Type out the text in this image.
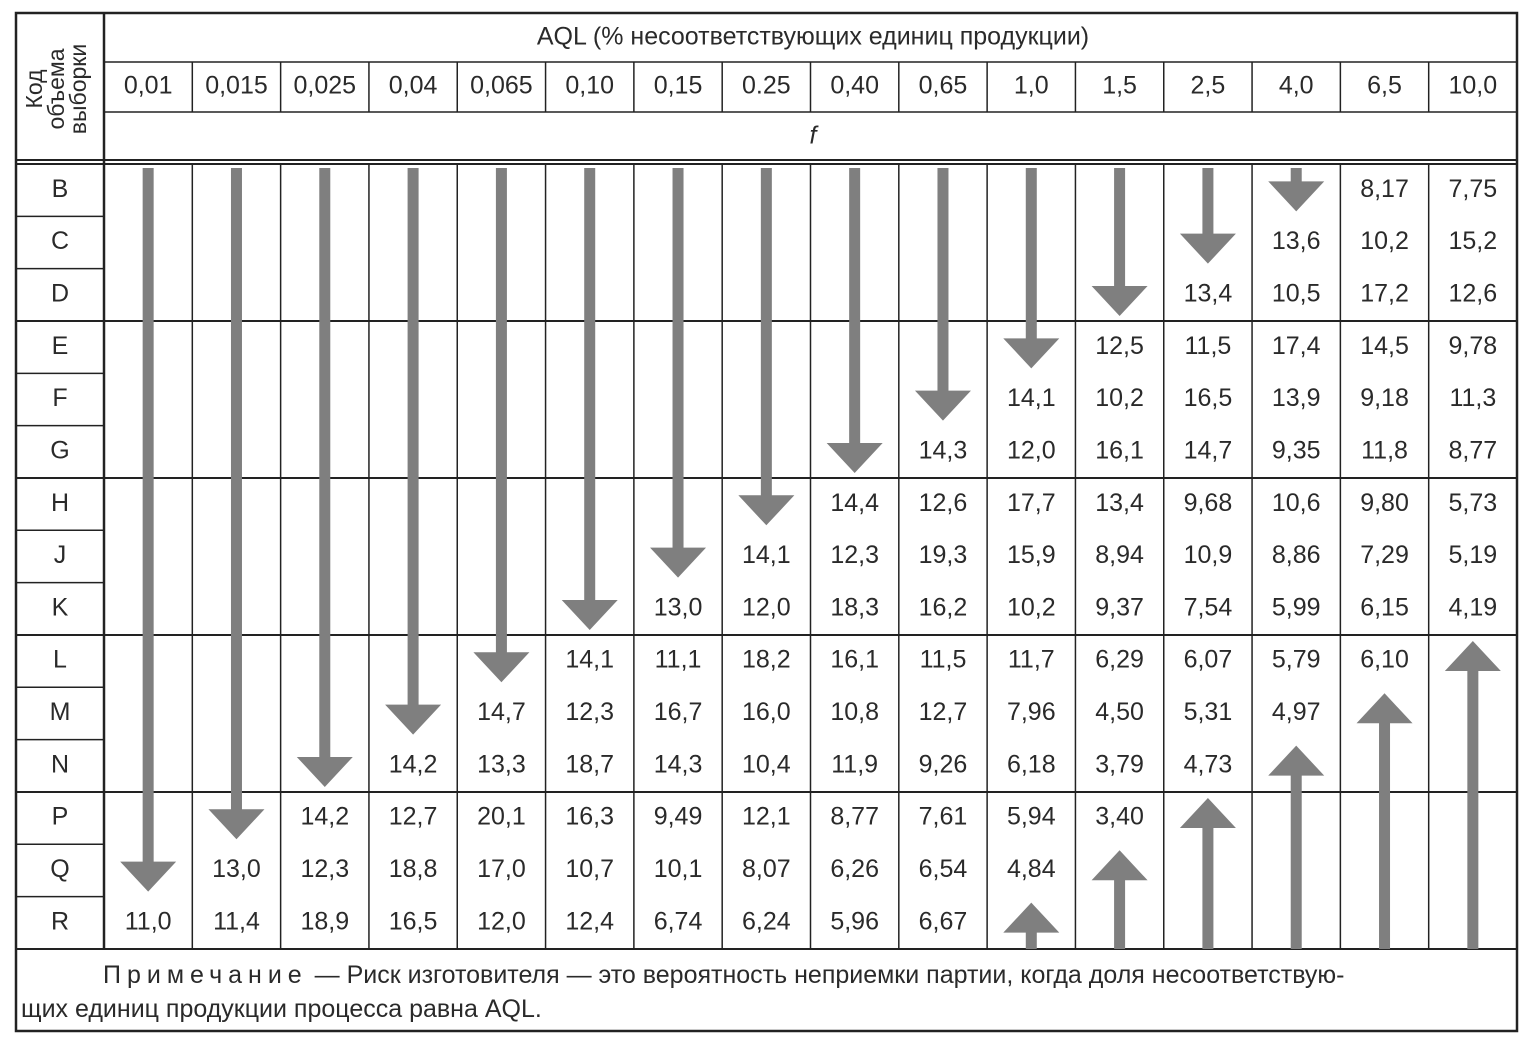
Код
объема
выборки
AQL (% несоответствующих единиц продукции)
f
0,01 0,015 0,025 0,04 0,065 0,10 0,15 0.25 0,40 0,65 1,0 1,5 2,5 4,0 6,5 10,0
B
C
D
E
F
G
H
J
K
L
M
N
P
Q
R
8,17 7,75
13,6 10,2 15,2
13,4 10,5 17,2 12,6
12,5 11,5 17,4 14,5 9,78
14,1 10,2 16,5 13,9 9,18 11,3
14,3 12,0 16,1 14,7 9,35 11,8 8,77
14,4 12,6 17,7 13,4 9,68 10,6 9,80 5,73
14,1 12,3 19,3 15,9 8,94 10,9 8,86 7,29 5,19
13,0 12,0 18,3 16,2 10,2 9,37 7,54 5,99 6,15 4,19
14,1 11,1 18,2 16,1 11,5 11,7 6,29 6,07 5,79 6,10
14,7 12,3 16,7 16,0 10,8 12,7 7,96 4,50 5,31 4,97
14,2 13,3 18,7 14,3 10,4 11,9 9,26 6,18 3,79 4,73
14,2 12,7 20,1 16,3 9,49 12,1 8,77 7,61 5,94 3,40
13,0 12,3 18,8 17,0 10,7 10,1 8,07 6,26 6,54 4,84
11,0 11,4 18,9 16,5 12,0 12,4 6,74 6,24 5,96 6,67
Примечание — Риск изготовителя — это вероятность неприемки партии, когда доля несоответствую-
щих единиц продукции процесса равна AQL.
